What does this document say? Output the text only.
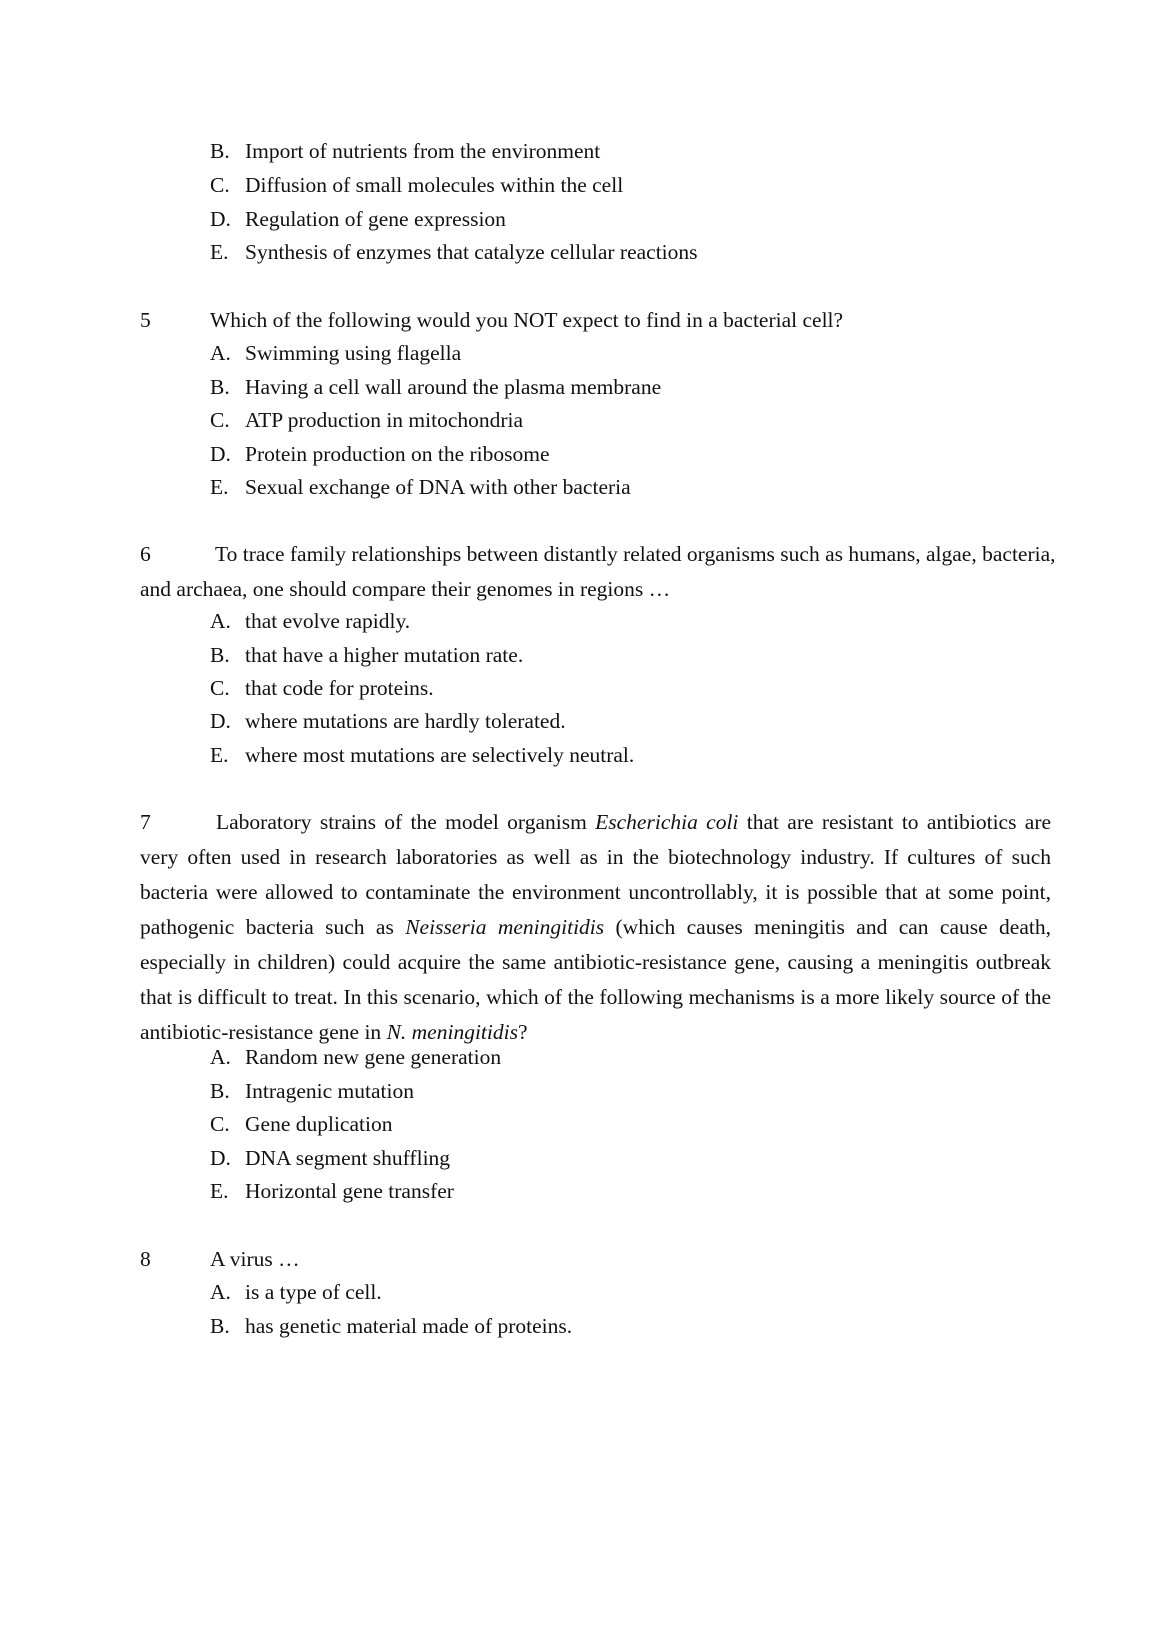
B. Import of nutrients from the environment
C. Diffusion of small molecules within the cell
D. Regulation of gene expression
E. Synthesis of enzymes that catalyze cellular reactions
5	Which of the following would you NOT expect to find in a bacterial cell?
A. Swimming using flagella
B. Having a cell wall around the plasma membrane
C. ATP production in mitochondria
D. Protein production on the ribosome
E. Sexual exchange of DNA with other bacteria
6	To trace family relationships between distantly related organisms such as humans, algae, bacteria, and archaea, one should compare their genomes in regions …
A. that evolve rapidly.
B. that have a higher mutation rate.
C. that code for proteins.
D. where mutations are hardly tolerated.
E. where most mutations are selectively neutral.
7	Laboratory strains of the model organism Escherichia coli that are resistant to antibiotics are very often used in research laboratories as well as in the biotechnology industry. If cultures of such bacteria were allowed to contaminate the environment uncontrollably, it is possible that at some point, pathogenic bacteria such as Neisseria meningitidis (which causes meningitis and can cause death, especially in children) could acquire the same antibiotic-resistance gene, causing a meningitis outbreak that is difficult to treat. In this scenario, which of the following mechanisms is a more likely source of the antibiotic-resistance gene in N. meningitidis?
A. Random new gene generation
B. Intragenic mutation
C. Gene duplication
D. DNA segment shuffling
E. Horizontal gene transfer
8	A virus …
A. is a type of cell.
B. has genetic material made of proteins.
